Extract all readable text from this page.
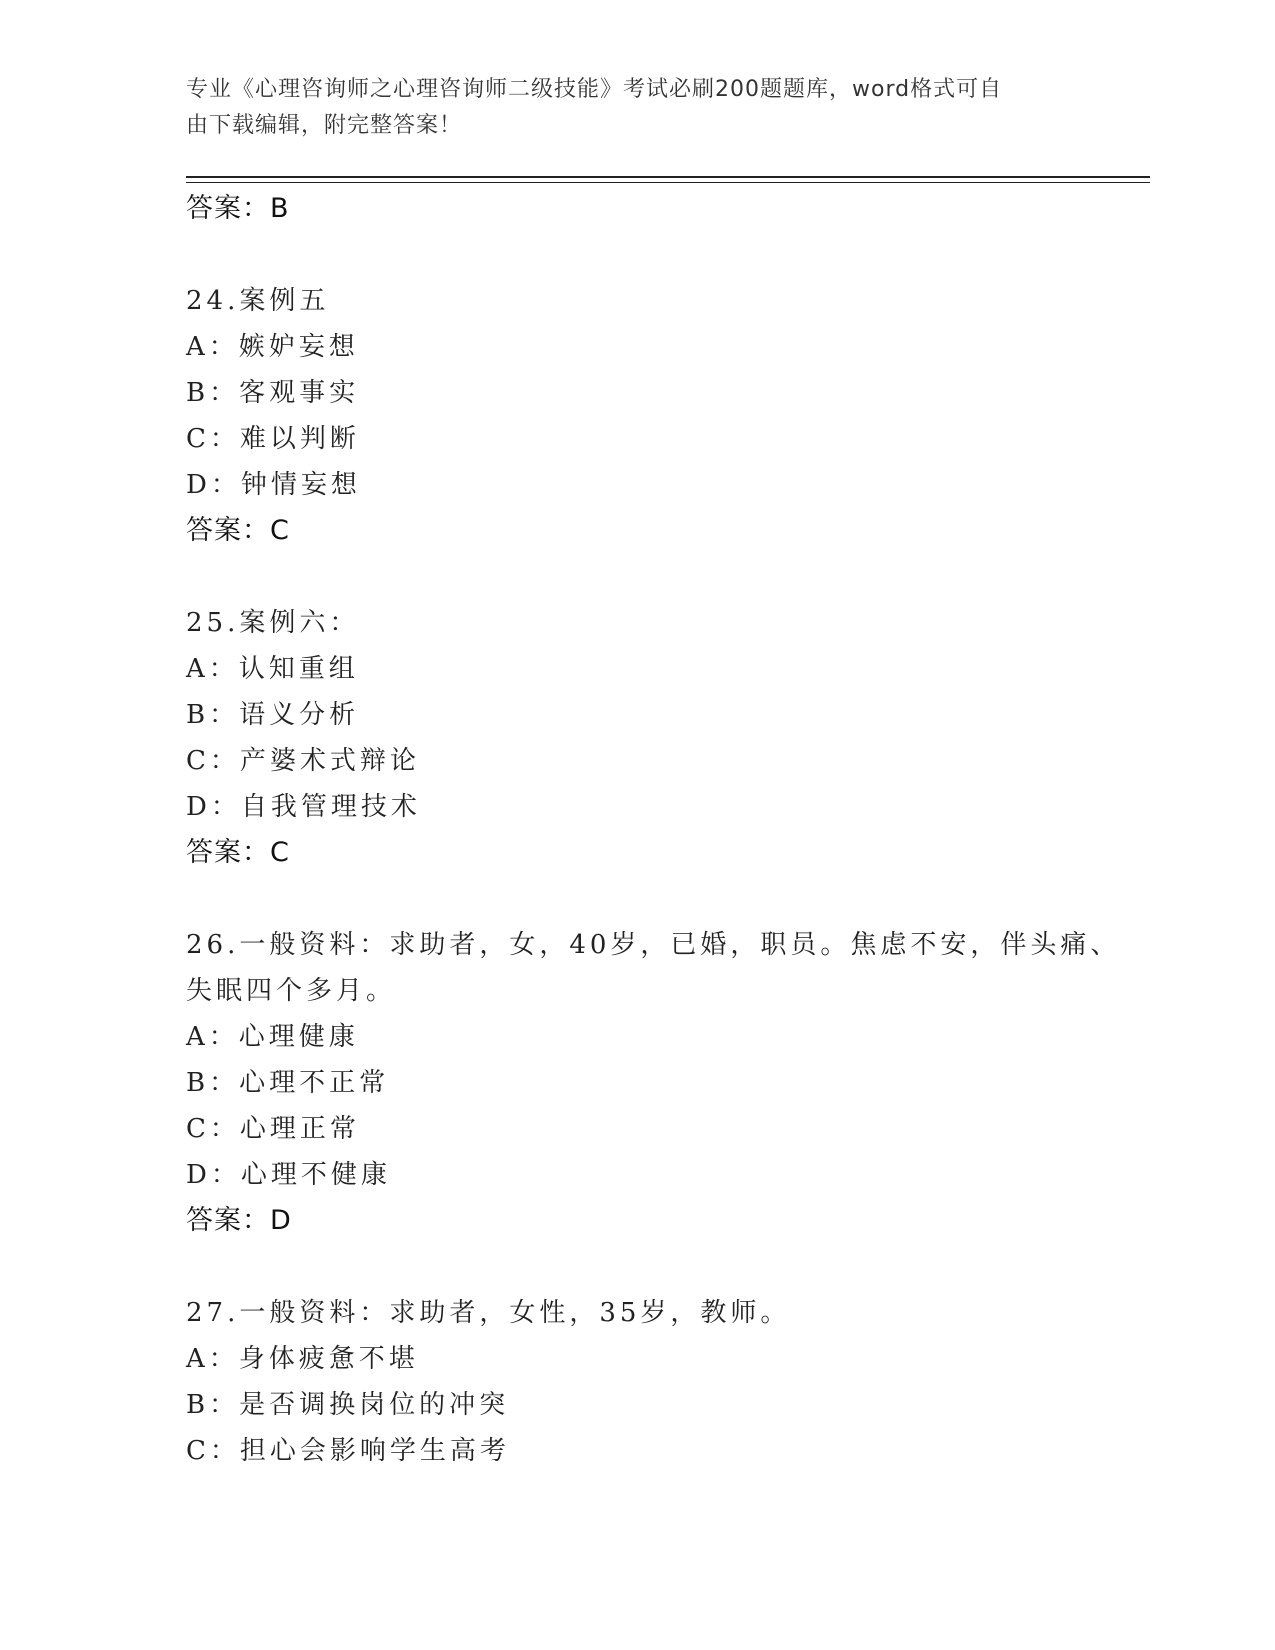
专业《心理咨询师之心理咨询师二级技能》考试必刷200题题库，word格式可自
由下载编辑，附完整答案！
答案：B
24.案例五
A：嫉妒妄想
B：客观事实
C：难以判断
D：钟情妄想
答案：C
25.案例六：
A：认知重组
B：语义分析
C：产婆术式辩论
D：自我管理技术
答案：C
26.一般资料：求助者，女，40岁，已婚，职员。焦虑不安，伴头痛、
失眠四个多月。
A：心理健康
B：心理不正常
C：心理正常
D：心理不健康
答案：D
27.一般资料：求助者，女性，35岁，教师。
A：身体疲惫不堪
B：是否调换岗位的冲突
C：担心会影响学生高考
